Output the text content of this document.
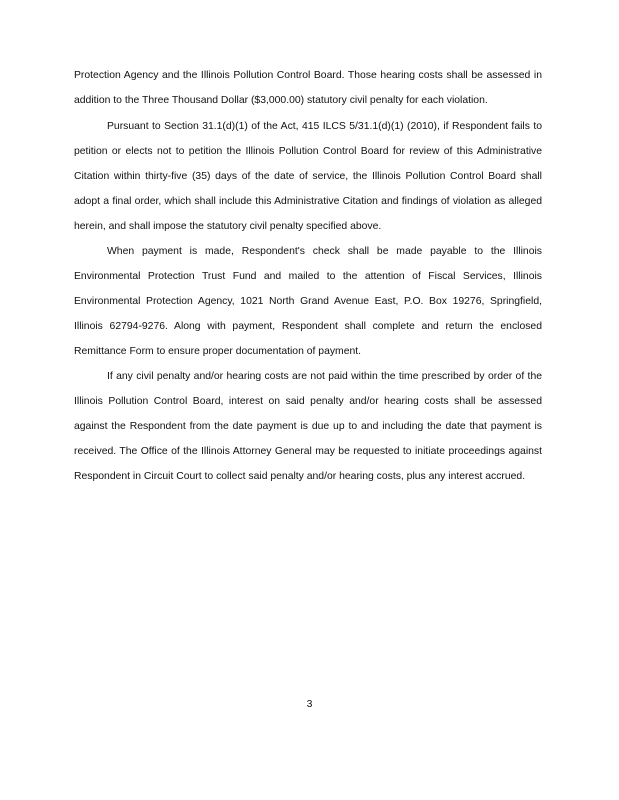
Protection Agency and the Illinois Pollution Control Board. Those hearing costs shall be assessed in
addition to the Three Thousand Dollar ($3,000.00) statutory civil penalty for each violation.
Pursuant to Section 31.1(d)(1) of the Act, 415 ILCS 5/31.1(d)(1) (2010), if Respondent fails to
petition or elects not to petition the Illinois Pollution Control Board for review of this Administrative
Citation within thirty-five (35) days of the date of service, the Illinois Pollution Control Board shall
adopt a final order, which shall include this Administrative Citation and findings of violation as alleged
herein, and shall impose the statutory civil penalty specified above.
When payment is made, Respondent's check shall be made payable to the Illinois
Environmental Protection Trust Fund and mailed to the attention of Fiscal Services, Illinois
Environmental Protection Agency, 1021 North Grand Avenue East, P.O. Box 19276, Springfield,
Illinois 62794-9276. Along with payment, Respondent shall complete and return the enclosed
Remittance Form to ensure proper documentation of payment.
If any civil penalty and/or hearing costs are not paid within the time prescribed by order of the
Illinois Pollution Control Board, interest on said penalty and/or hearing costs shall be assessed
against the Respondent from the date payment is due up to and including the date that payment is
received. The Office of the Illinois Attorney General may be requested to initiate proceedings against
Respondent in Circuit Court to collect said penalty and/or hearing costs, plus any interest accrued.
3
